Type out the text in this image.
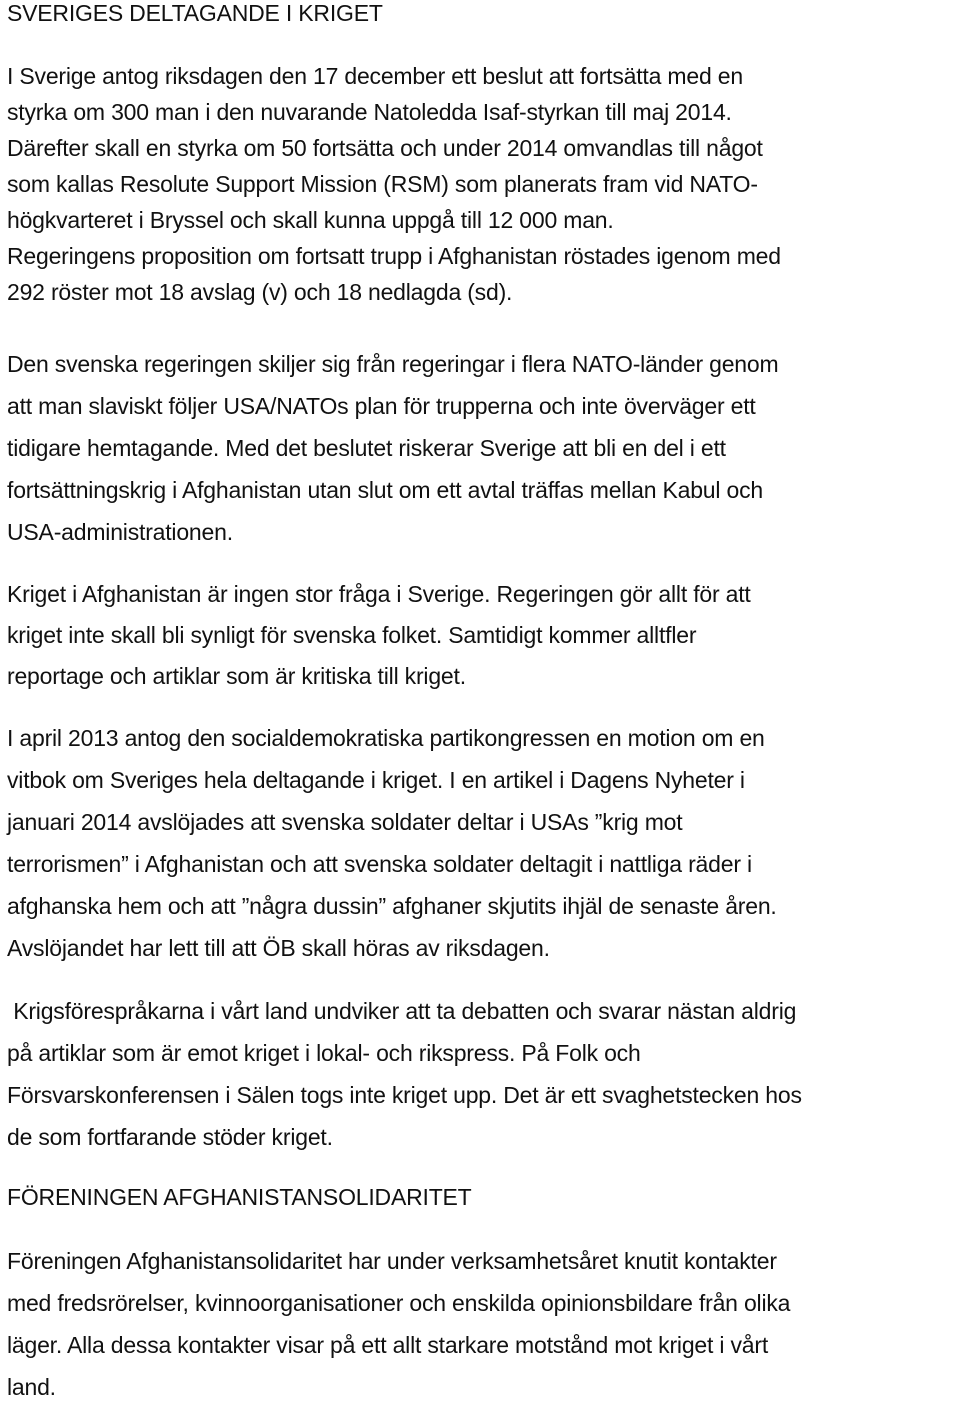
SVERIGES DELTAGANDE I KRIGET
I Sverige antog riksdagen den 17 december ett beslut att fortsätta med en
styrka om 300 man i den nuvarande Natoledda Isaf-styrkan till maj 2014.
Därefter skall en styrka om 50 fortsätta och under 2014 omvandlas till något
som kallas Resolute Support Mission (RSM) som planerats fram vid NATO-
högkvarteret i Bryssel och skall kunna uppgå till 12 000 man.
Regeringens proposition om fortsatt trupp i Afghanistan röstades igenom med
292 röster mot 18 avslag (v) och 18 nedlagda (sd).
Den svenska regeringen skiljer sig från regeringar i flera NATO-länder genom
att man slaviskt följer USA/NATOs plan för trupperna och inte överväger ett
tidigare hemtagande. Med det beslutet riskerar Sverige att bli en del i ett
fortsättningskrig i Afghanistan utan slut om ett avtal träffas mellan Kabul och
USA-administrationen.
Kriget i Afghanistan är ingen stor fråga i Sverige. Regeringen gör allt för att
kriget inte skall bli synligt för svenska folket. Samtidigt kommer alltfler
reportage och artiklar som är kritiska till kriget.
I april 2013 antog den socialdemokratiska partikongressen en motion om en
vitbok om Sveriges hela deltagande i kriget. I en artikel i Dagens Nyheter i
januari 2014 avslöjades att svenska soldater deltar i USAs ”krig mot
terrorismen” i Afghanistan och att svenska soldater deltagit i nattliga räder i
afghanska hem och att ”några dussin” afghaner skjutits ihjäl de senaste åren.
Avslöjandet har lett till att ÖB skall höras av riksdagen.
Krigsförespråkarna i vårt land undviker att ta debatten och svarar nästan aldrig
på artiklar som är emot kriget i lokal- och rikspress. På Folk och
Försvarskonferensen i Sälen togs inte kriget upp. Det är ett svaghetstecken hos
de som fortfarande stöder kriget.
FÖRENINGEN AFGHANISTANSOLIDARITET
Föreningen Afghanistansolidaritet har under verksamhetsåret knutit kontakter
med fredsrörelser, kvinnoorganisationer och enskilda opinionsbildare från olika
läger. Alla dessa kontakter visar på ett allt starkare motstånd mot kriget i vårt
land.
